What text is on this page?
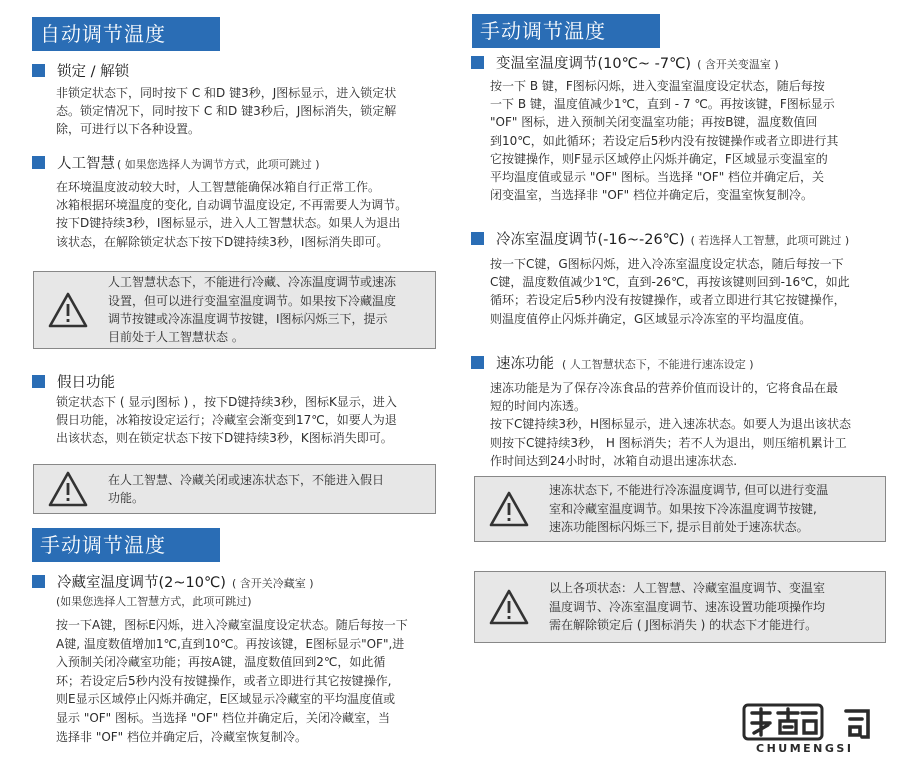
自动调节温度
锁定 / 解锁

非锁定状态下，同时按下 C 和D 键3秒，J图标显示，进入锁定状

态。锁定情况下，同时按下 C 和D 键3秒后，J图标消失，锁定解

除，可进行以下各种设置。

人工智慧 ( 如果您选择人为调节方式，此项可跳过 )

在环境温度波动较大时，人工智慧能确保冰箱自行正常工作。

冰箱根据环境温度的变化, 自动调节温度设定, 不再需要人为调节。

按下D键持续3秒，I图标显示，进入人工智慧状态。如果人为退出

该状态，在解除锁定状态下按下D键持续3秒，I图标消失即可。

人工智慧状态下，不能进行冷藏、冷冻温度调节或速冻

设置，但可以进行变温室温度调节。如果按下冷藏温度

调节按键或冷冻温度调节按键，I图标闪烁三下，提示

目前处于人工智慧状态 。

假日功能

锁定状态下 ( 显示J图标 ) ，按下D键持续3秒，图标K显示，进入

假日功能，冰箱按设定运行；冷藏室会渐变到17℃，如要人为退

出该状态，则在锁定状态下按下D键持续3秒，K图标消失即可。

在人工智慧、冷藏关闭或速冻状态下，不能进入假日

功能。

手动调节温度
冷藏室温度调节(2~10℃) ( 含开关冷藏室 )
(如果您选择人工智慧方式，此项可跳过)

按一下A键，图标E闪烁，进入冷藏室温度设定状态。随后每按一下

A键, 温度数值增加1℃,直到10℃。再按该键，E图标显示"OF",进

入预制关闭冷藏室功能；再按A键，温度数值回到2℃，如此循

环；若设定后5秒内没有按键操作，或者立即进行其它按键操作,

则E显示区域停止闪烁并确定，E区域显示冷藏室的平均温度值或

显示 "OF" 图标。当选择 "OF" 档位并确定后，关闭冷藏室，当

选择非 "OF" 档位并确定后，冷藏室恢复制冷。

手动调节温度
变温室温度调节(10℃~ -7℃) ( 含开关变温室 )

按一下 B 键，F图标闪烁，进入变温室温度设定状态，随后每按

一下 B 键，温度值减少1℃，直到 - 7 ℃。再按该键，F图标显示

"OF" 图标，进入预制关闭变温室功能；再按B键，温度数值回

到10℃，如此循环；若设定后5秒内没有按键操作或者立即进行其

它按键操作，则F显示区域停止闪烁并确定，F区域显示变温室的

平均温度值或显示 "OF" 图标。当选择 "OF" 档位并确定后，关

闭变温室，当选择非 "OF" 档位并确定后，变温室恢复制冷。

冷冻室温度调节(-16~-26℃) ( 若选择人工智慧，此项可跳过 )

按一下C键，G图标闪烁，进入冷冻室温度设定状态，随后每按一下

C键，温度数值减少1℃，直到-26℃，再按该键则回到-16℃，如此

循环；若设定后5秒内没有按键操作，或者立即进行其它按键操作，

则温度值停止闪烁并确定，G区域显示冷冻室的平均温度值。

速冻功能 ( 人工智慧状态下，不能进行速冻设定 )

速冻功能是为了保存冷冻食品的营养价值而设计的，它将食品在最

短的时间内冻透。

按下C键持续3秒，H图标显示，进入速冻状态。如要人为退出该状态

则按下C键持续3秒， H 图标消失；若不人为退出，则压缩机累计工

作时间达到24小时时，冰箱自动退出速冻状态.

速冻状态下, 不能进行冷冻温度调节, 但可以进行变温

室和冷藏室温度调节。如果按下冷冻温度调节按键,

速冻功能图标闪烁三下, 提示目前处于速冻状态。

以上各项状态：人工智慧、冷藏室温度调节、变温室

温度调节、冷冻室温度调节、速冻设置功能项操作均

需在解除锁定后 ( J图标消失 ) 的状态下才能进行。

CHUMENGSI
